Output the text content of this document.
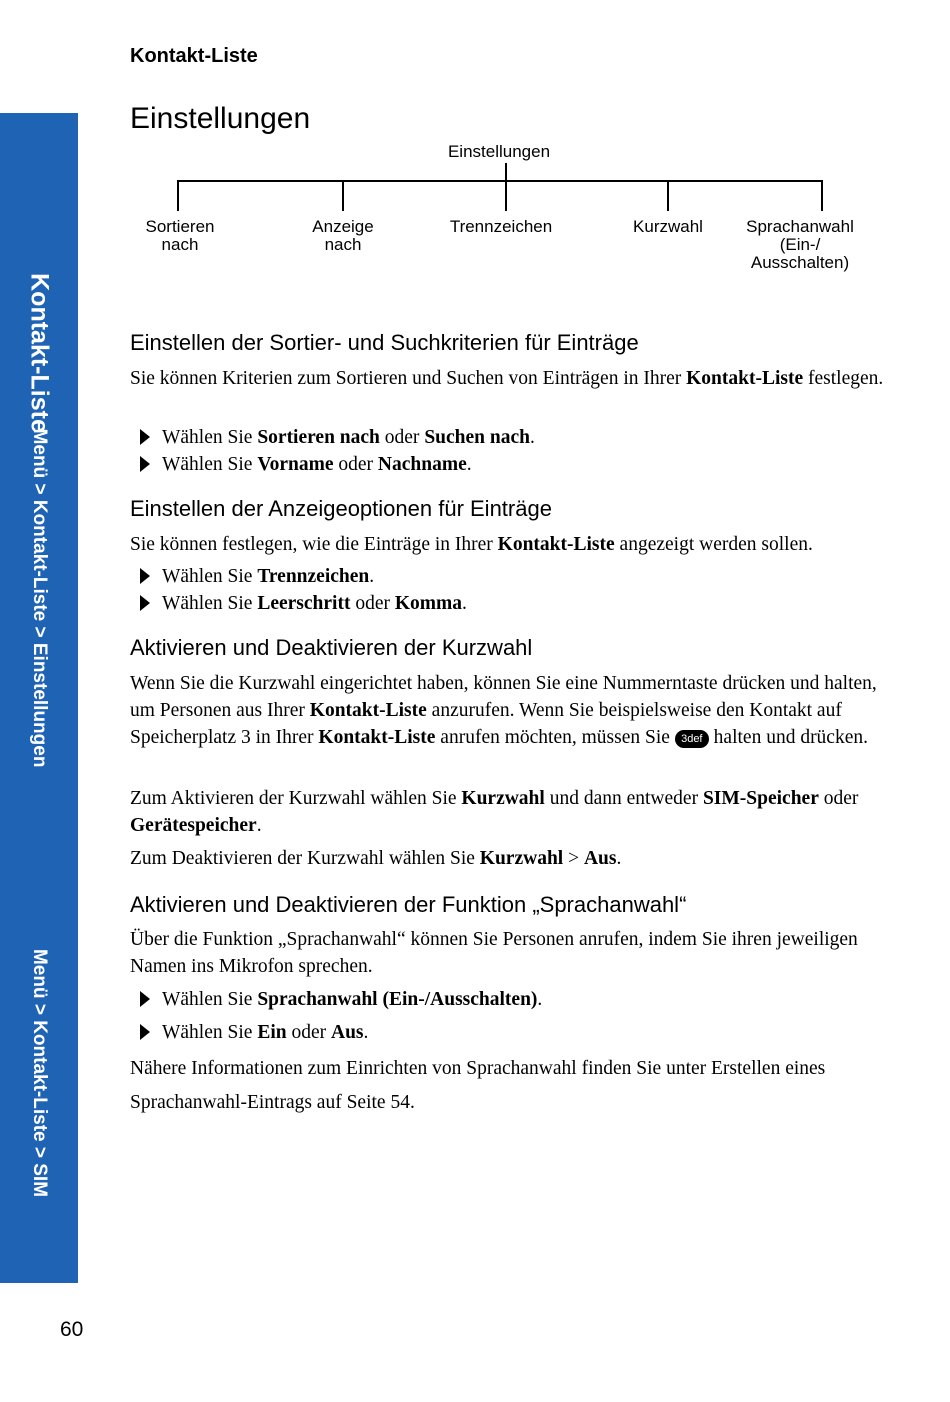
Kontakt-Liste
Menü > Kontakt-Liste > Einstellungen
Menü > Kontakt-Liste > SIM
Kontakt-Liste
Einstellungen
Einstellungen
Sortieren
nach
Anzeige
nach
Trennzeichen	Kurzwahl	Sprachanwahl
(Ein-/
Ausschalten)
Einstellen der Sortier- und Suchkriterien für Einträge
Sie können Kriterien zum Sortieren und Suchen von Einträgen in Ihrer Kontakt-Liste festlegen.
Wählen Sie Sortieren nach oder Suchen nach.
Wählen Sie Vorname oder Nachname.
Einstellen der Anzeigeoptionen für Einträge
Sie können festlegen, wie die Einträge in Ihrer Kontakt-Liste angezeigt werden sollen.
Wählen Sie Trennzeichen.
Wählen Sie Leerschritt oder Komma.
Aktivieren und Deaktivieren der Kurzwahl
Wenn Sie die Kurzwahl eingerichtet haben, können Sie eine Nummerntaste drücken und halten, um Personen aus Ihrer Kontakt-Liste anzurufen. Wenn Sie beispielsweise den Kontakt auf Speicherplatz 3 in Ihrer Kontakt-Liste anrufen möchten, müssen Sie 3def halten und drücken.
Zum Aktivieren der Kurzwahl wählen Sie Kurzwahl und dann entweder SIM-Speicher oder Gerätespeicher.
Zum Deaktivieren der Kurzwahl wählen Sie Kurzwahl > Aus.
Aktivieren und Deaktivieren der Funktion „Sprachanwahl“
Über die Funktion „Sprachanwahl“ können Sie Personen anrufen, indem Sie ihren jeweiligen Namen ins Mikrofon sprechen.
Wählen Sie Sprachanwahl (Ein-/Ausschalten).
Wählen Sie Ein oder Aus.
Nähere Informationen zum Einrichten von Sprachanwahl finden Sie unter Erstellen eines Sprachanwahl-Eintrags auf Seite 54.
60
